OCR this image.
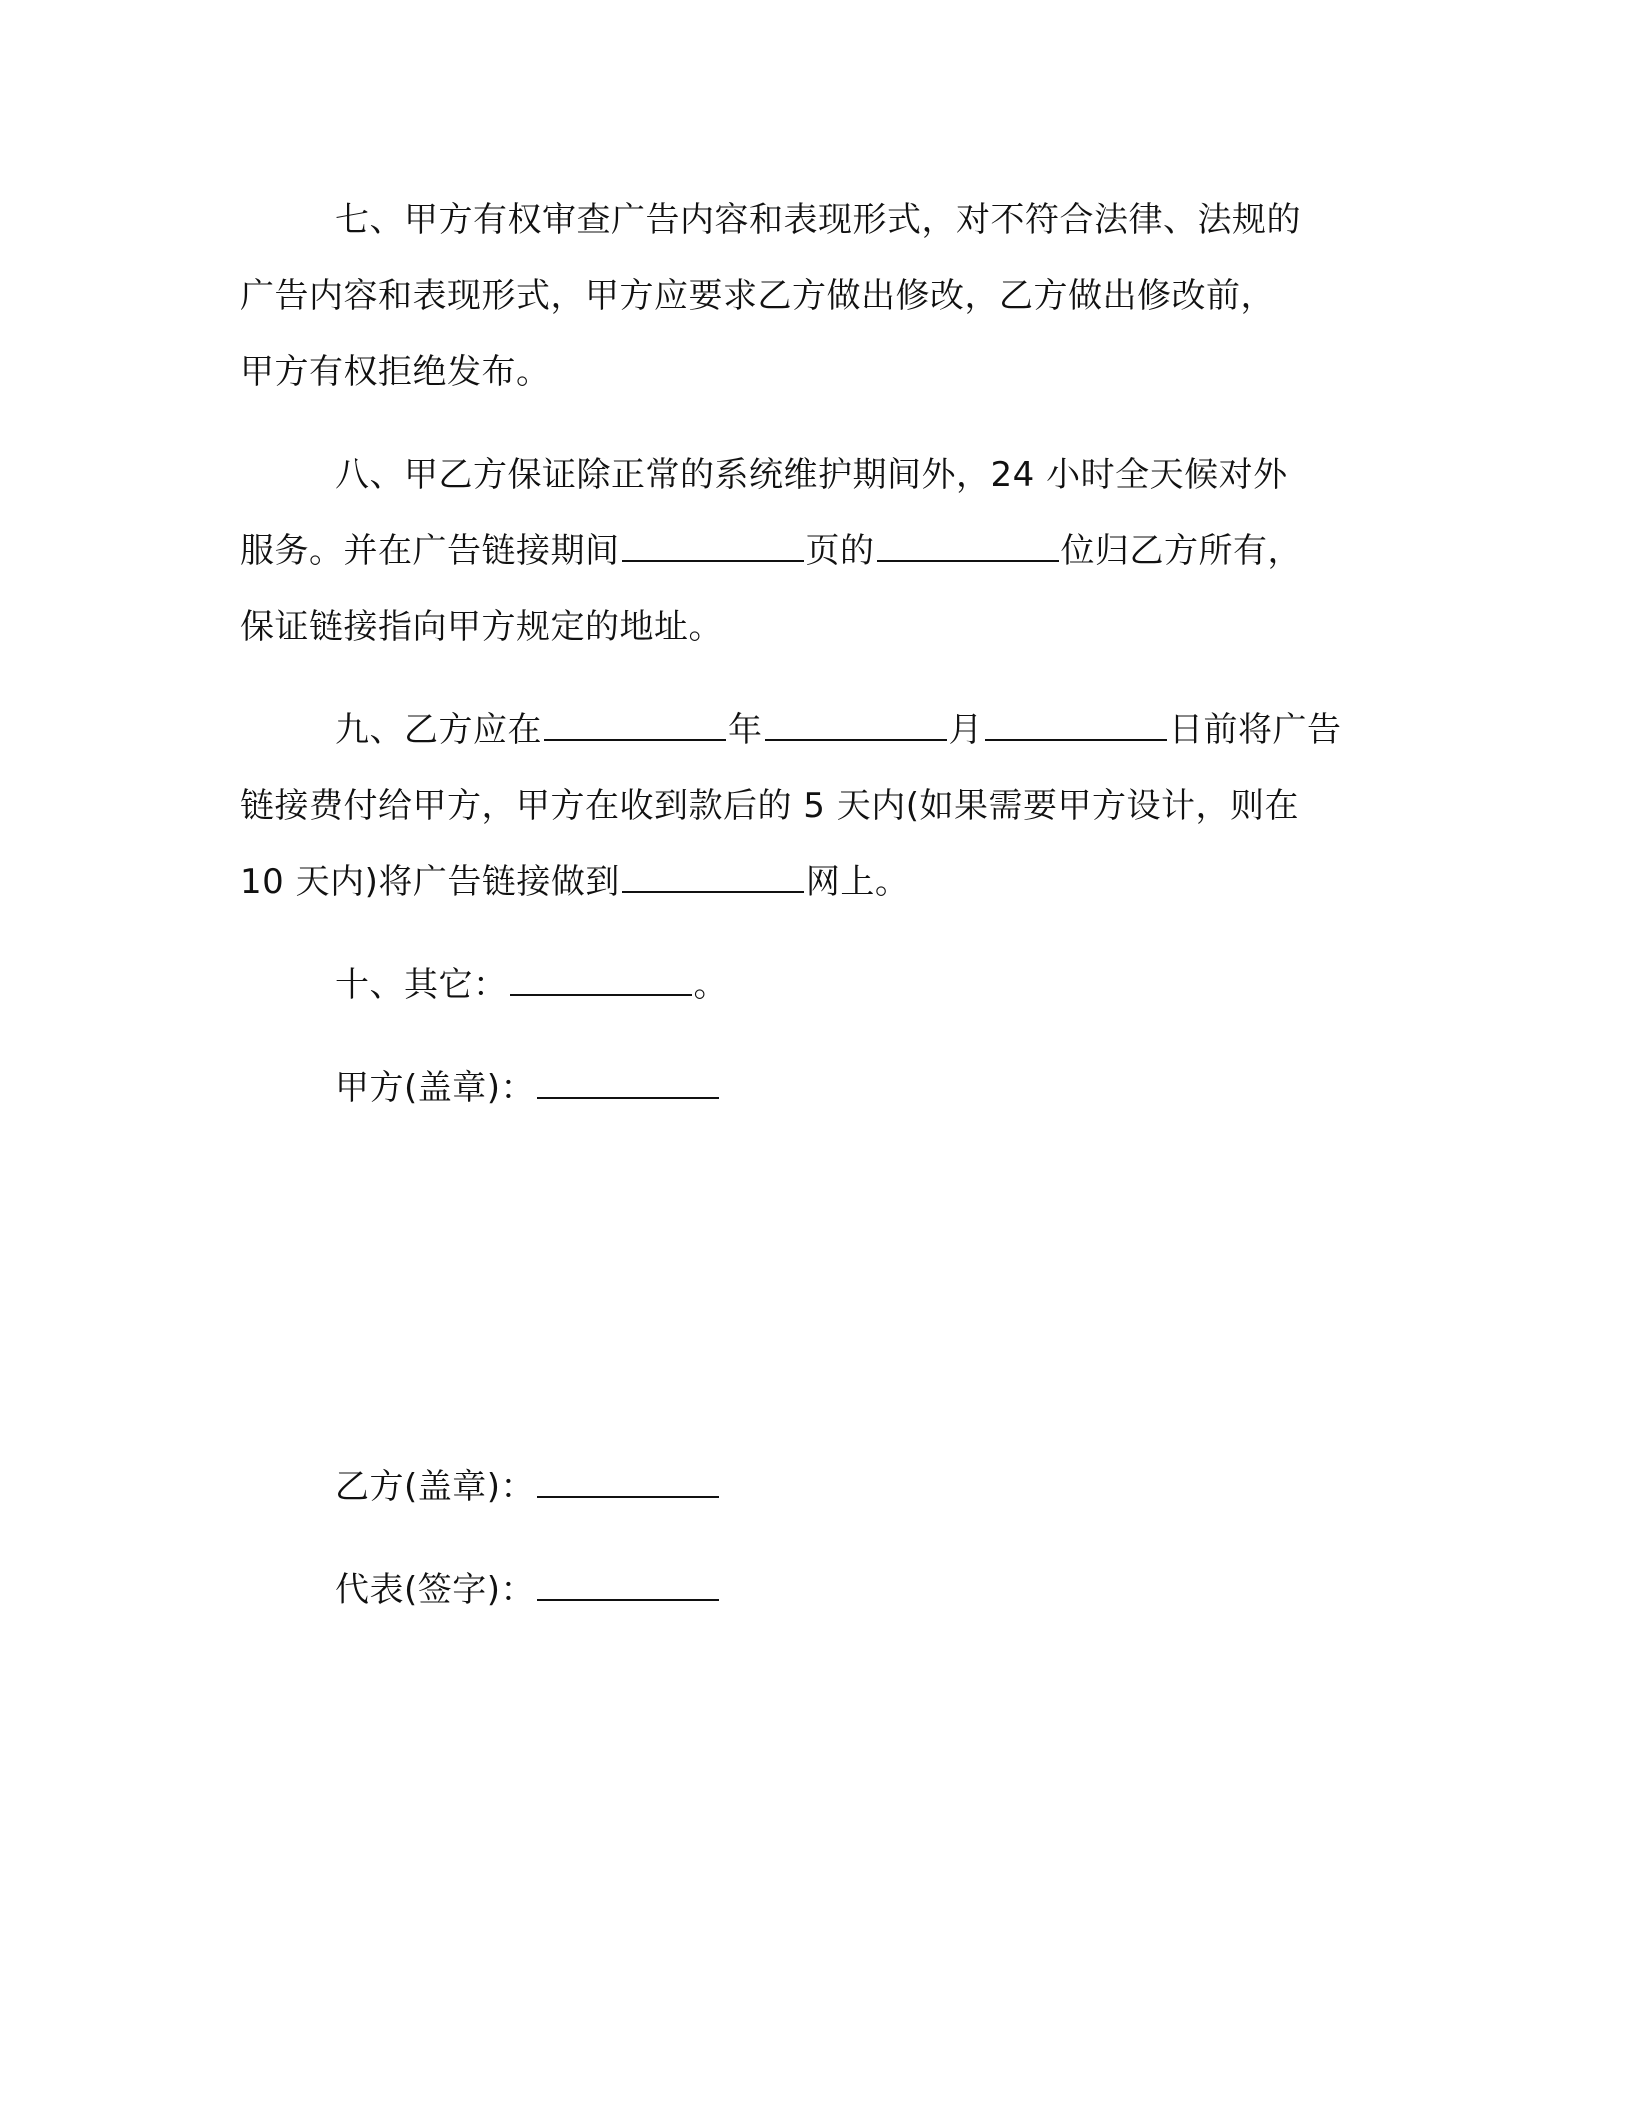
七、甲方有权审查广告内容和表现形式，对不符合法律、法规的
广告内容和表现形式，甲方应要求乙方做出修改，乙方做出修改前，
甲方有权拒绝发布。
八、甲乙方保证除正常的系统维护期间外，24 小时全天候对外
服务。并在广告链接期间	页的	位归乙方所有，
保证链接指向甲方规定的地址。
九、乙方应在	年	月	日前将广告
链接费付给甲方，甲方在收到款后的 5 天内(如果需要甲方设计，则在
10 天内)将广告链接做到	网上。
十、其它：	。
甲方(盖章)：
乙方(盖章)：
代表(签字)：
